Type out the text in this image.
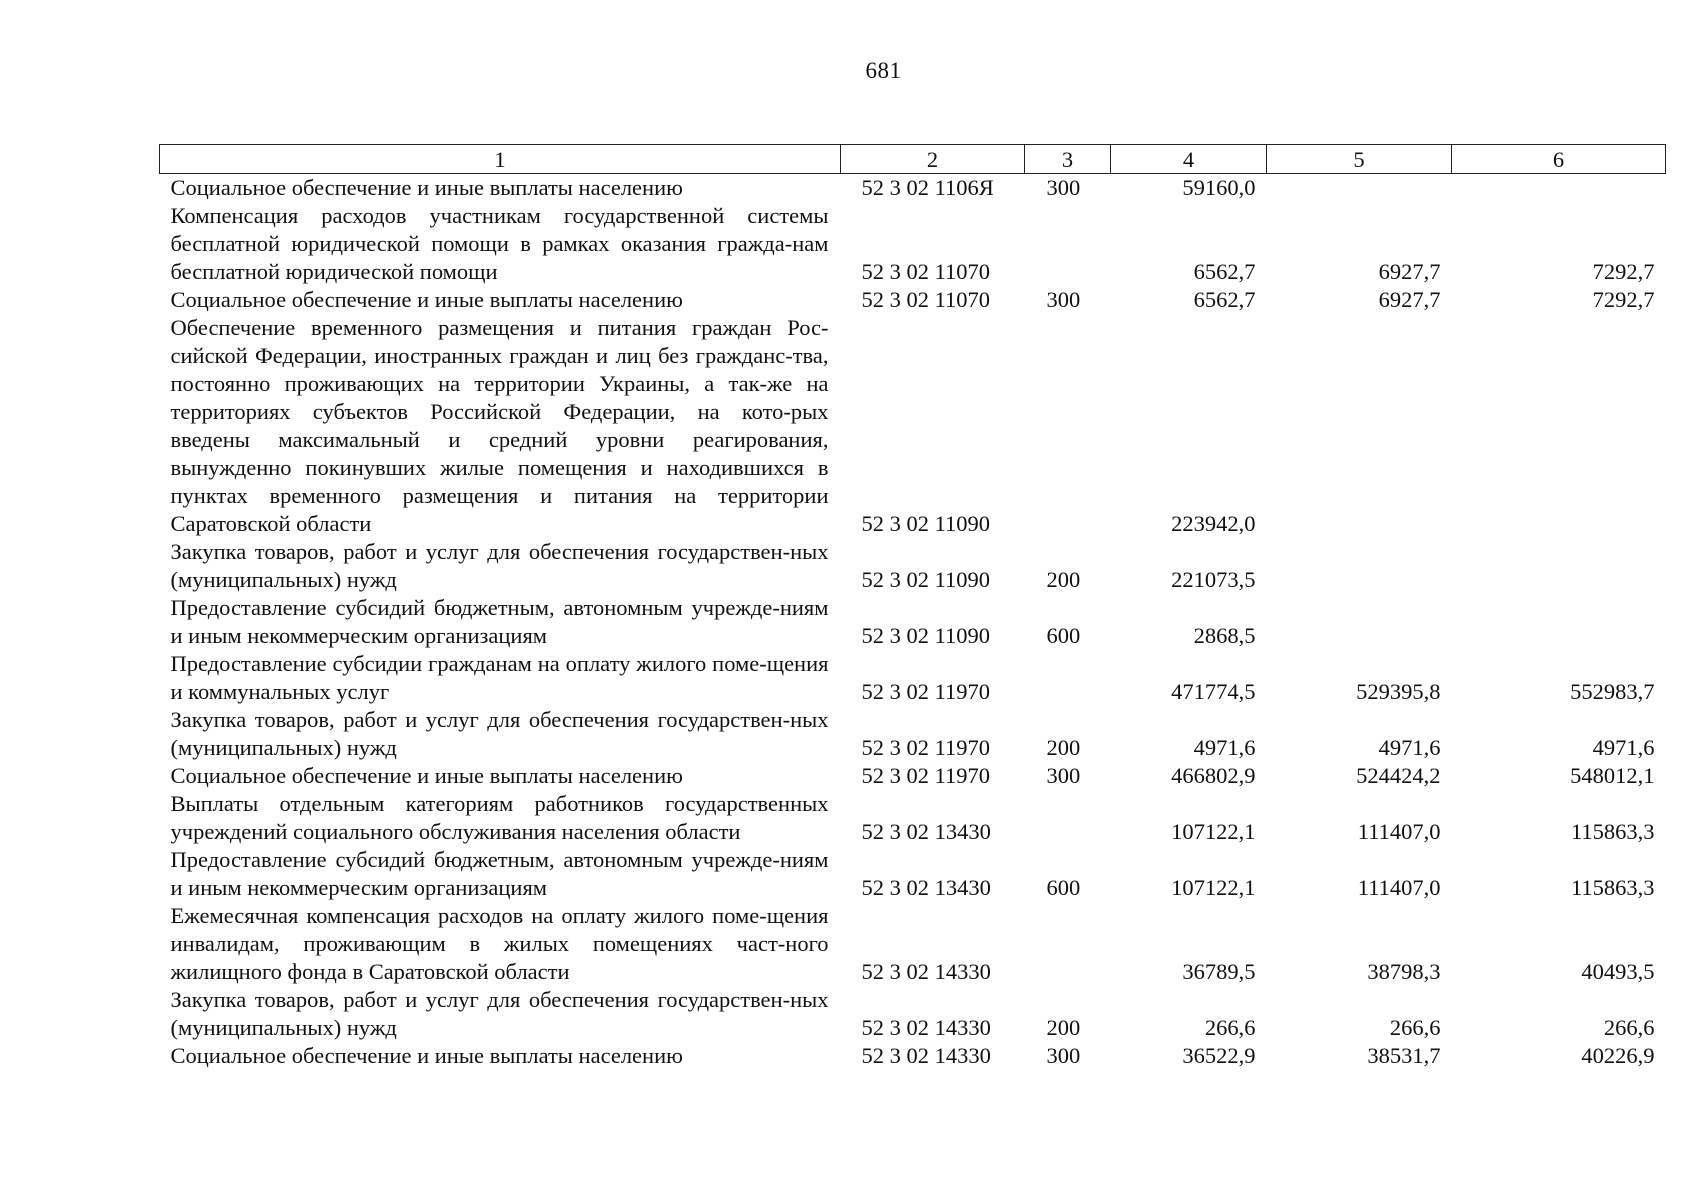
681
1	2	3	4	5	6
Социальное обеспечение и иные выплаты населению	52 3 02 1106Я	300	59160,0		
Компенсация расходов участникам государственной системы бесплатной юридической помощи в рамках оказания гражда-нам бесплатной юридической помощи	52 3 02 11070		6562,7	6927,7	7292,7
Социальное обеспечение и иные выплаты населению	52 3 02 11070	300	6562,7	6927,7	7292,7
Обеспечение временного размещения и питания граждан Рос-сийской Федерации, иностранных граждан и лиц без гражданс-тва, постоянно проживающих на территории Украины, а так-же на территориях субъектов Российской Федерации, на кото-рых введены максимальный и средний уровни реагирования, вынужденно покинувших жилые помещения и находившихся в пунктах временного размещения и питания на территории Саратовской области	52 3 02 11090		223942,0		
Закупка товаров, работ и услуг для обеспечения государствен-ных (муниципальных) нужд	52 3 02 11090	200	221073,5		
Предоставление субсидий бюджетным, автономным учрежде-ниям и иным некоммерческим организациям	52 3 02 11090	600	2868,5		
Предоставление субсидии гражданам на оплату жилого поме-щения и коммунальных услуг	52 3 02 11970		471774,5	529395,8	552983,7
Закупка товаров, работ и услуг для обеспечения государствен-ных (муниципальных) нужд	52 3 02 11970	200	4971,6	4971,6	4971,6
Социальное обеспечение и иные выплаты населению	52 3 02 11970	300	466802,9	524424,2	548012,1
Выплаты отдельным категориям работников государственных учреждений социального обслуживания населения области	52 3 02 13430		107122,1	111407,0	115863,3
Предоставление субсидий бюджетным, автономным учрежде-ниям и иным некоммерческим организациям	52 3 02 13430	600	107122,1	111407,0	115863,3
Ежемесячная компенсация расходов на оплату жилого поме-щения инвалидам, проживающим в жилых помещениях част-ного жилищного фонда в Саратовской области	52 3 02 14330		36789,5	38798,3	40493,5
Закупка товаров, работ и услуг для обеспечения государствен-ных (муниципальных) нужд	52 3 02 14330	200	266,6	266,6	266,6
Социальное обеспечение и иные выплаты населению	52 3 02 14330	300	36522,9	38531,7	40226,9
